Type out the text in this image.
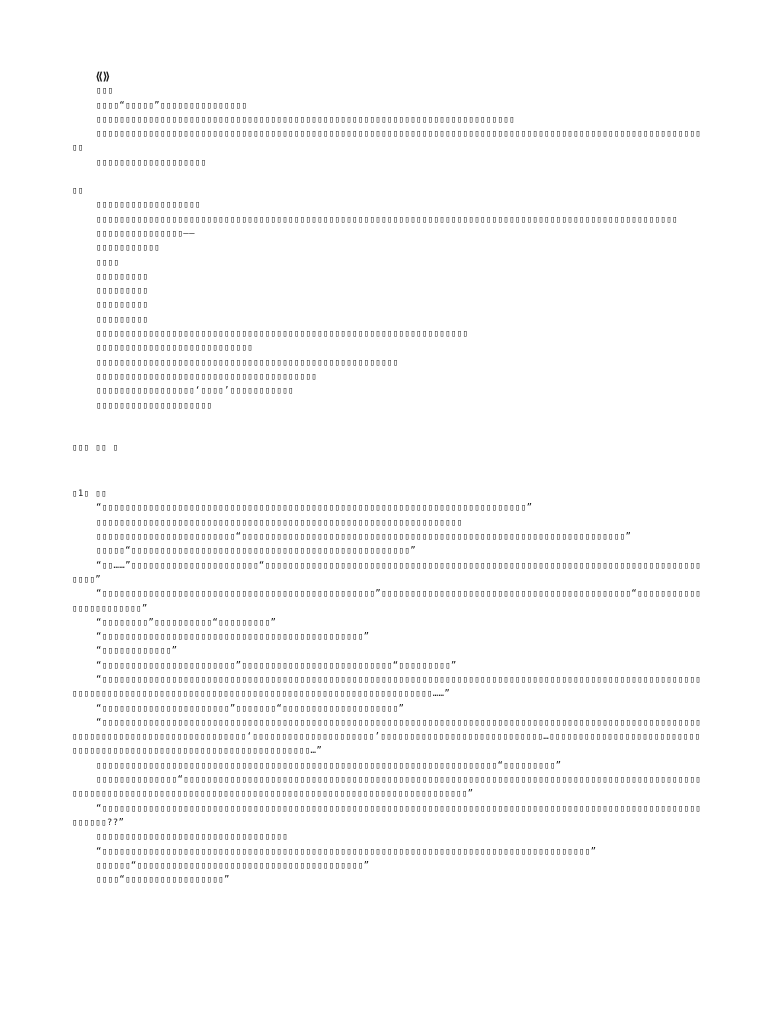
⟪⟫

▯▯▯

▯▯▯▯“▯▯▯▯▯”▯▯▯▯▯▯▯▯▯▯▯▯▯▯▯

▯▯▯▯▯▯▯▯▯▯▯▯▯▯▯▯▯▯▯▯▯▯▯▯▯▯▯▯▯▯▯▯▯▯▯▯▯▯▯▯▯▯▯▯▯▯▯▯▯▯▯▯▯▯▯▯▯▯▯▯▯▯▯▯▯▯▯▯▯▯▯▯

▯▯▯▯▯▯▯▯▯▯▯▯▯▯▯▯▯▯▯▯▯▯▯▯▯▯▯▯▯▯▯▯▯▯▯▯▯▯▯▯▯▯▯▯▯▯▯▯▯▯▯▯▯▯▯▯▯▯▯▯▯▯▯▯▯▯▯▯▯▯▯▯▯▯▯▯▯▯▯▯▯▯▯▯▯▯▯▯▯▯▯▯▯▯▯▯▯▯▯▯▯▯▯▯▯▯

▯▯▯▯▯▯▯▯▯▯▯▯▯▯▯▯▯▯▯

▯▯

▯▯▯▯▯▯▯▯▯▯▯▯▯▯▯▯▯▯

▯▯▯▯▯▯▯▯▯▯▯▯▯▯▯▯▯▯▯▯▯▯▯▯▯▯▯▯▯▯▯▯▯▯▯▯▯▯▯▯▯▯▯▯▯▯▯▯▯▯▯▯▯▯▯▯▯▯▯▯▯▯▯▯▯▯▯▯▯▯▯▯▯▯▯▯▯▯▯▯▯▯▯▯▯▯▯▯▯▯▯▯▯▯▯▯▯▯▯▯

▯▯▯▯▯▯▯▯▯▯▯▯▯▯▯——

▯▯▯▯▯▯▯▯▯▯▯

▯▯▯▯

▯▯▯▯▯▯▯▯▯

▯▯▯▯▯▯▯▯▯

▯▯▯▯▯▯▯▯▯

▯▯▯▯▯▯▯▯▯

▯▯▯▯▯▯▯▯▯▯▯▯▯▯▯▯▯▯▯▯▯▯▯▯▯▯▯▯▯▯▯▯▯▯▯▯▯▯▯▯▯▯▯▯▯▯▯▯▯▯▯▯▯▯▯▯▯▯▯▯▯▯▯▯

▯▯▯▯▯▯▯▯▯▯▯▯▯▯▯▯▯▯▯▯▯▯▯▯▯▯▯

▯▯▯▯▯▯▯▯▯▯▯▯▯▯▯▯▯▯▯▯▯▯▯▯▯▯▯▯▯▯▯▯▯▯▯▯▯▯▯▯▯▯▯▯▯▯▯▯▯▯▯▯

▯▯▯▯▯▯▯▯▯▯▯▯▯▯▯▯▯▯▯▯▯▯▯▯▯▯▯▯▯▯▯▯▯▯▯▯▯▯

▯▯▯▯▯▯▯▯▯▯▯▯▯▯▯▯▯‘▯▯▯▯’▯▯▯▯▯▯▯▯▯▯▯

▯▯▯▯▯▯▯▯▯▯▯▯▯▯▯▯▯▯▯▯

▯▯▯ ▯▯ ▯

▯1▯ ▯▯

“▯▯▯▯▯▯▯▯▯▯▯▯▯▯▯▯▯▯▯▯▯▯▯▯▯▯▯▯▯▯▯▯▯▯▯▯▯▯▯▯▯▯▯▯▯▯▯▯▯▯▯▯▯▯▯▯▯▯▯▯▯▯▯▯▯▯▯▯▯▯▯▯▯”

▯▯▯▯▯▯▯▯▯▯▯▯▯▯▯▯▯▯▯▯▯▯▯▯▯▯▯▯▯▯▯▯▯▯▯▯▯▯▯▯▯▯▯▯▯▯▯▯▯▯▯▯▯▯▯▯▯▯▯▯▯▯▯

▯▯▯▯▯▯▯▯▯▯▯▯▯▯▯▯▯▯▯▯▯▯▯▯“▯▯▯▯▯▯▯▯▯▯▯▯▯▯▯▯▯▯▯▯▯▯▯▯▯▯▯▯▯▯▯▯▯▯▯▯▯▯▯▯▯▯▯▯▯▯▯▯▯▯▯▯▯▯▯▯▯▯▯▯▯▯▯▯▯▯”

▯▯▯▯▯“▯▯▯▯▯▯▯▯▯▯▯▯▯▯▯▯▯▯▯▯▯▯▯▯▯▯▯▯▯▯▯▯▯▯▯▯▯▯▯▯▯▯▯▯▯▯▯▯”

“▯▯……”▯▯▯▯▯▯▯▯▯▯▯▯▯▯▯▯▯▯▯▯▯▯“▯▯▯▯▯▯▯▯▯▯▯▯▯▯▯▯▯▯▯▯▯▯▯▯▯▯▯▯▯▯▯▯▯▯▯▯▯▯▯▯▯▯▯▯▯▯▯▯▯▯▯▯▯▯▯▯▯▯▯▯▯▯▯▯▯▯▯▯▯▯▯▯▯▯▯▯▯▯▯”

“▯▯▯▯▯▯▯▯▯▯▯▯▯▯▯▯▯▯▯▯▯▯▯▯▯▯▯▯▯▯▯▯▯▯▯▯▯▯▯▯▯▯▯▯▯▯▯”▯▯▯▯▯▯▯▯▯▯▯▯▯▯▯▯▯▯▯▯▯▯▯▯▯▯▯▯▯▯▯▯▯▯▯▯▯▯▯▯▯▯▯“▯▯▯▯▯▯▯▯▯▯▯▯▯▯▯▯▯▯▯▯▯▯▯”

“▯▯▯▯▯▯▯▯”▯▯▯▯▯▯▯▯▯▯“▯▯▯▯▯▯▯▯▯”

“▯▯▯▯▯▯▯▯▯▯▯▯▯▯▯▯▯▯▯▯▯▯▯▯▯▯▯▯▯▯▯▯▯▯▯▯▯▯▯▯▯▯▯▯▯”

“▯▯▯▯▯▯▯▯▯▯▯▯”

“▯▯▯▯▯▯▯▯▯▯▯▯▯▯▯▯▯▯▯▯▯▯▯”▯▯▯▯▯▯▯▯▯▯▯▯▯▯▯▯▯▯▯▯▯▯▯▯▯▯“▯▯▯▯▯▯▯▯▯”

“▯▯▯▯▯▯▯▯▯▯▯▯▯▯▯▯▯▯▯▯▯▯▯▯▯▯▯▯▯▯▯▯▯▯▯▯▯▯▯▯▯▯▯▯▯▯▯▯▯▯▯▯▯▯▯▯▯▯▯▯▯▯▯▯▯▯▯▯▯▯▯▯▯▯▯▯▯▯▯▯▯▯▯▯▯▯▯▯▯▯▯▯▯▯▯▯▯▯▯▯▯▯▯▯▯▯▯▯▯▯▯▯▯▯▯▯▯▯▯▯▯▯▯▯▯▯▯▯▯▯▯▯▯▯▯▯▯▯▯▯▯▯▯▯▯▯▯▯▯▯▯▯▯▯▯▯▯▯▯▯▯▯▯▯▯……”

“▯▯▯▯▯▯▯▯▯▯▯▯▯▯▯▯▯▯▯▯▯▯”▯▯▯▯▯▯▯“▯▯▯▯▯▯▯▯▯▯▯▯▯▯▯▯▯▯▯▯”

“▯▯▯▯▯▯▯▯▯▯▯▯▯▯▯▯▯▯▯▯▯▯▯▯▯▯▯▯▯▯▯▯▯▯▯▯▯▯▯▯▯▯▯▯▯▯▯▯▯▯▯▯▯▯▯▯▯▯▯▯▯▯▯▯▯▯▯▯▯▯▯▯▯▯▯▯▯▯▯▯▯▯▯▯▯▯▯▯▯▯▯▯▯▯▯▯▯▯▯▯▯▯▯▯▯▯▯▯▯▯▯▯▯▯▯▯▯▯▯▯▯▯▯▯▯▯▯▯▯▯▯▯▯‘▯▯▯▯▯▯▯▯▯▯▯▯▯▯▯▯▯▯▯▯▯’▯▯▯▯▯▯▯▯▯▯▯▯▯▯▯▯▯▯▯▯▯▯▯▯▯▯▯▯…▯▯▯▯▯▯▯▯▯▯▯▯▯▯▯▯▯▯▯▯▯▯▯▯▯▯▯▯▯▯▯▯▯▯▯▯▯▯▯▯▯▯▯▯▯▯▯▯▯▯▯▯▯▯▯▯▯▯▯▯▯▯▯▯▯▯▯…”

▯▯▯▯▯▯▯▯▯▯▯▯▯▯▯▯▯▯▯▯▯▯▯▯▯▯▯▯▯▯▯▯▯▯▯▯▯▯▯▯▯▯▯▯▯▯▯▯▯▯▯▯▯▯▯▯▯▯▯▯▯▯▯▯▯▯▯▯▯“▯▯▯▯▯▯▯▯▯”

▯▯▯▯▯▯▯▯▯▯▯▯▯▯“▯▯▯▯▯▯▯▯▯▯▯▯▯▯▯▯▯▯▯▯▯▯▯▯▯▯▯▯▯▯▯▯▯▯▯▯▯▯▯▯▯▯▯▯▯▯▯▯▯▯▯▯▯▯▯▯▯▯▯▯▯▯▯▯▯▯▯▯▯▯▯▯▯▯▯▯▯▯▯▯▯▯▯▯▯▯▯▯▯▯▯▯▯▯▯▯▯▯▯▯▯▯▯▯▯▯▯▯▯▯▯▯▯▯▯▯▯▯▯▯▯▯▯▯▯▯▯▯▯▯▯▯▯▯▯▯▯▯▯▯▯▯▯▯▯▯▯▯▯▯▯▯▯▯▯▯▯”

“▯▯▯▯▯▯▯▯▯▯▯▯▯▯▯▯▯▯▯▯▯▯▯▯▯▯▯▯▯▯▯▯▯▯▯▯▯▯▯▯▯▯▯▯▯▯▯▯▯▯▯▯▯▯▯▯▯▯▯▯▯▯▯▯▯▯▯▯▯▯▯▯▯▯▯▯▯▯▯▯▯▯▯▯▯▯▯▯▯▯▯▯▯▯▯▯▯▯▯▯▯▯▯▯▯▯▯▯▯??”

▯▯▯▯▯▯▯▯▯▯▯▯▯▯▯▯▯▯▯▯▯▯▯▯▯▯▯▯▯▯▯▯▯

“▯▯▯▯▯▯▯▯▯▯▯▯▯▯▯▯▯▯▯▯▯▯▯▯▯▯▯▯▯▯▯▯▯▯▯▯▯▯▯▯▯▯▯▯▯▯▯▯▯▯▯▯▯▯▯▯▯▯▯▯▯▯▯▯▯▯▯▯▯▯▯▯▯▯▯▯▯▯▯▯▯▯▯▯”

▯▯▯▯▯▯“▯▯▯▯▯▯▯▯▯▯▯▯▯▯▯▯▯▯▯▯▯▯▯▯▯▯▯▯▯▯▯▯▯▯▯▯▯▯▯”

▯▯▯▯“▯▯▯▯▯▯▯▯▯▯▯▯▯▯▯▯▯”
